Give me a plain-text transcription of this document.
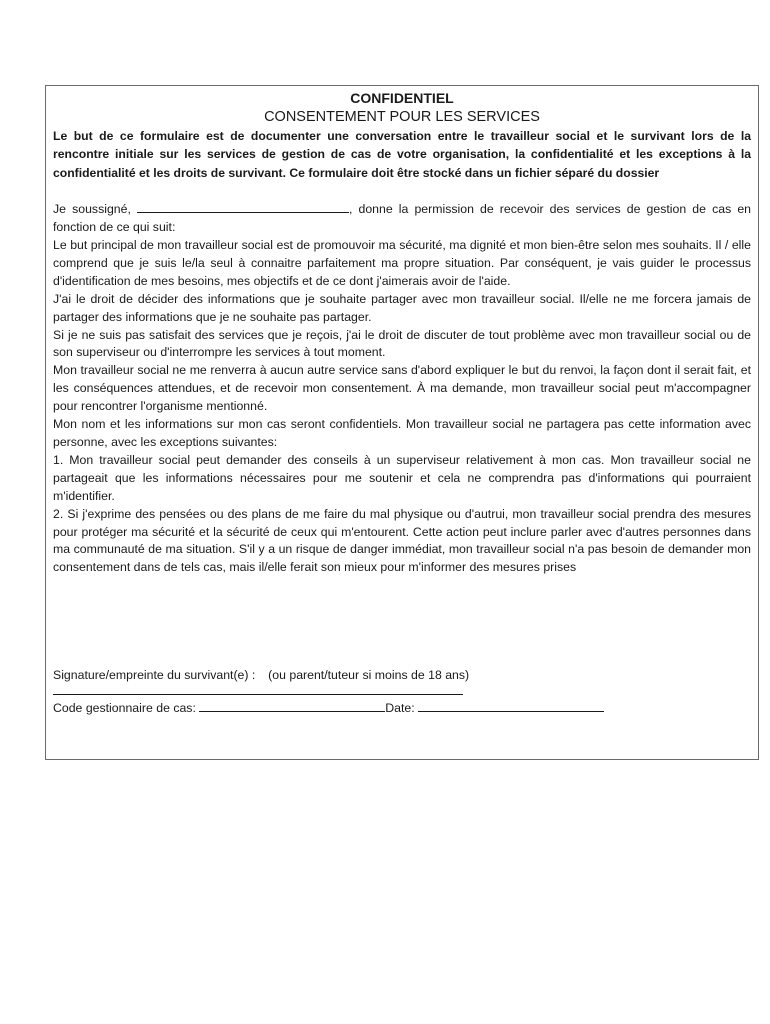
CONFIDENTIEL

CONSENTEMENT POUR LES SERVICES

Le but de ce formulaire est de documenter une conversation entre le travailleur social et le survivant lors de la rencontre initiale sur les services de gestion de cas de votre organisation, la confidentialité et les exceptions à la confidentialité et les droits de survivant. Ce formulaire doit être stocké dans un fichier séparé du dossier

Je soussigné,	, donne la permission de recevoir des services de gestion de cas en fonction de ce qui suit:

Le but principal de mon travailleur social est de promouvoir ma sécurité, ma dignité et mon bien-être selon mes souhaits. Il / elle comprend que je suis le/la seul à connaitre parfaitement ma propre situation. Par conséquent, je vais guider le processus d'identification de mes besoins, mes objectifs et de ce dont j'aimerais avoir de l'aide.

J'ai le droit de décider des informations que je souhaite partager avec mon travailleur social. Il/elle ne me forcera jamais de partager des informations que je ne souhaite pas partager.

Si je ne suis pas satisfait des services que je reçois, j'ai le droit de discuter de tout problème avec mon travailleur social ou de son superviseur ou d'interrompre les services à tout moment.

Mon travailleur social ne me renverra à aucun autre service sans d'abord expliquer le but du renvoi, la façon dont il serait fait, et les conséquences attendues, et de recevoir mon consentement. À ma demande, mon travailleur social peut m'accompagner pour rencontrer l'organisme mentionné.

Mon nom et les informations sur mon cas seront confidentiels. Mon travailleur social ne partagera pas cette information avec personne, avec les exceptions suivantes:

1. Mon travailleur social peut demander des conseils à un superviseur relativement à mon cas. Mon travailleur social ne partageait que les informations nécessaires pour me soutenir et cela ne comprendra pas d'informations qui pourraient m'identifier.

2. Si j'exprime des pensées ou des plans de me faire du mal physique ou d'autrui, mon travailleur social prendra des mesures pour protéger ma sécurité et la sécurité de ceux qui m'entourent. Cette action peut inclure parler avec d'autres personnes dans ma communauté de ma situation. S'il y a un risque de danger immédiat, mon travailleur social n'a pas besoin de demander mon consentement dans de tels cas, mais il/elle ferait son mieux pour m'informer des mesures prises

Signature/empreinte du survivant(e) : (ou parent/tuteur si moins de 18 ans)
Code gestionnaire de cas:	Date:
